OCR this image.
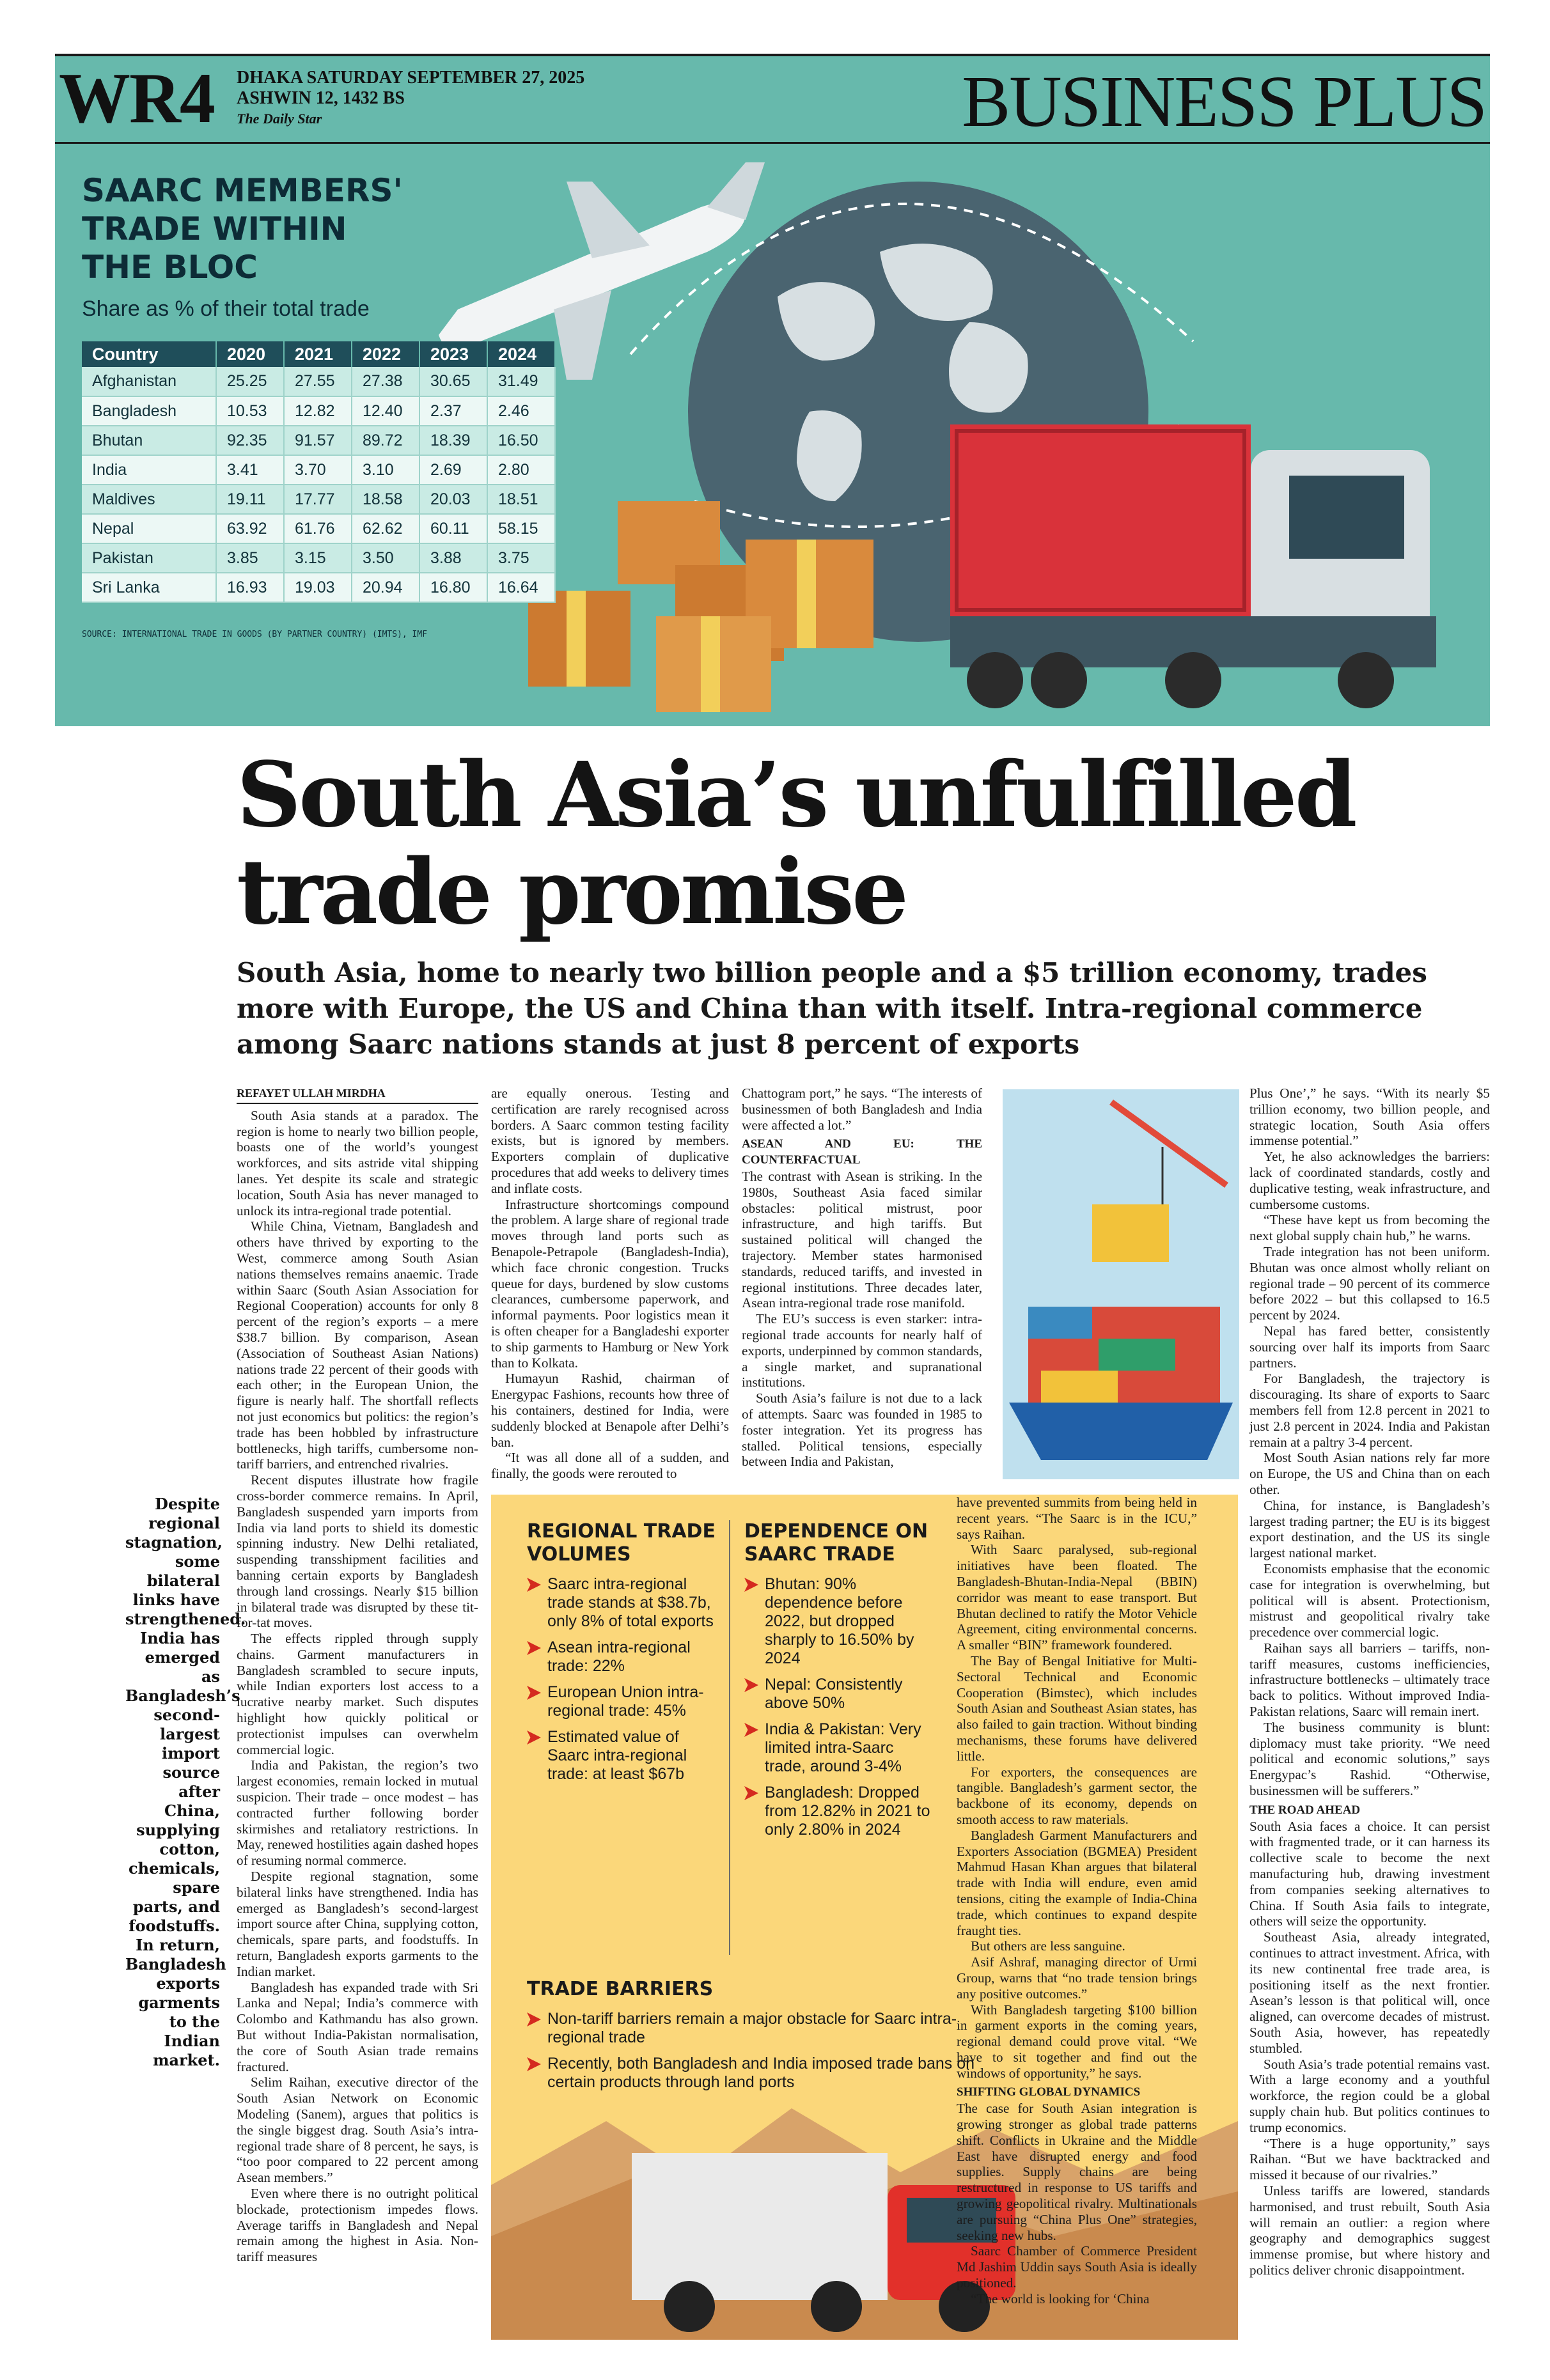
WR4 DHAKA SATURDAY SEPTEMBER 27, 2025
ASHWIN 12, 1432 BS
The Daily Star	BUSINESS PLUS
SAARC MEMBERS' TRADE WITHIN THE BLOC
Share as % of their total trade
Country	2020	2021	2022	2023	2024
Afghanistan	25.25	27.55	27.38	30.65	31.49
Bangladesh	10.53	12.82	12.40	2.37	2.46
Bhutan	92.35	91.57	89.72	18.39	16.50
India	3.41	3.70	3.10	2.69	2.80
Maldives	19.11	17.77	18.58	20.03	18.51
Nepal	63.92	61.76	62.62	60.11	58.15
Pakistan	3.85	3.15	3.50	3.88	3.75
Sri Lanka	16.93	19.03	20.94	16.80	16.64
SOURCE: INTERNATIONAL TRADE IN GOODS (BY PARTNER COUNTRY) (IMTS), IMF
South Asia’s unfulfilled trade promise
South Asia, home to nearly two billion people and a $5 trillion economy, trades more with Europe, the US and China than with itself. Intra-regional commerce among Saarc nations stands at just 8 percent of exports
REFAYET ULLAH MIRDHA

South Asia stands at a paradox. The region is home to nearly two billion people, boasts one of the world’s youngest workforces, and sits astride vital shipping lanes. Yet despite its scale and strategic location, South Asia has never managed to unlock its intra-regional trade potential.

While China, Vietnam, Bangladesh and others have thrived by exporting to the West, commerce among South Asian nations themselves remains anaemic. Trade within Saarc (South Asian Association for Regional Cooperation) accounts for only 8 percent of the region’s exports – a mere $38.7 billion. By comparison, Asean (Association of Southeast Asian Nations) nations trade 22 percent of their goods with each other; in the European Union, the figure is nearly half. The shortfall reflects not just economics but politics: the region’s trade has been hobbled by infrastructure bottlenecks, high tariffs, cumbersome non-tariff barriers, and entrenched rivalries.

Recent disputes illustrate how fragile cross-border commerce remains. In April, Bangladesh suspended yarn imports from India via land ports to shield its domestic spinning industry. New Delhi retaliated, suspending transshipment facilities and banning certain exports by Bangladesh through land crossings. Nearly $15 billion in bilateral trade was disrupted by these tit-for-tat moves.

The effects rippled through supply chains. Garment manufacturers in Bangladesh scrambled to secure inputs, while Indian exporters lost access to a lucrative nearby market. Such disputes highlight how quickly political or protectionist impulses can overwhelm commercial logic.

India and Pakistan, the region’s two largest economies, remain locked in mutual suspicion. Their trade – once modest – has contracted further following border skirmishes and retaliatory restrictions. In May, renewed hostilities again dashed hopes of resuming normal commerce.

Despite regional stagnation, some bilateral links have strengthened. India has emerged as Bangladesh’s second-largest import source after China, supplying cotton, chemicals, spare parts, and foodstuffs. In return, Bangladesh exports garments to the Indian market.

Bangladesh has expanded trade with Sri Lanka and Nepal; India’s commerce with Colombo and Kathmandu has also grown. But without India-Pakistan normalisation, the core of South Asian trade remains fractured.

Selim Raihan, executive director of the South Asian Network on Economic Modeling (Sanem), argues that politics is the single biggest drag. South Asia’s intra-regional trade share of 8 percent, he says, is “too poor compared to 22 percent among Asean members.”

Even where there is no outright political blockade, protectionism impedes flows. Average tariffs in Bangladesh and Nepal remain among the highest in Asia. Non-tariff measures

Despite regional stagnation, some bilateral links have strengthened. India has emerged as Bangladesh’s second-largest import source after China, supplying cotton, chemicals, spare parts, and foodstuffs. In return, Bangladesh exports garments to the Indian market.

are equally onerous. Testing and certification are rarely recognised across borders. A Saarc common testing facility exists, but is ignored by members. Exporters complain of duplicative procedures that add weeks to delivery times and inflate costs.

Infrastructure shortcomings compound the problem. A large share of regional trade moves through land ports such as Benapole-Petrapole (Bangladesh-India), which face chronic congestion. Trucks queue for days, burdened by slow customs clearances, cumbersome paperwork, and informal payments. Poor logistics mean it is often cheaper for a Bangladeshi exporter to ship garments to Hamburg or New York than to Kolkata.

Humayun Rashid, chairman of Energypac Fashions, recounts how three of his containers, destined for India, were suddenly blocked at Benapole after Delhi’s ban.

“It was all done all of a sudden, and finally, the goods were rerouted to

Chattogram port,” he says. “The interests of businessmen of both Bangladesh and India were affected a lot.”

ASEAN AND EU: THE COUNTERFACTUAL

The contrast with Asean is striking. In the 1980s, Southeast Asia faced similar obstacles: political mistrust, poor infrastructure, and high tariffs. But sustained political will changed the trajectory. Member states harmonised standards, reduced tariffs, and invested in regional institutions. Three decades later, Asean intra-regional trade rose manifold.

The EU’s success is even starker: intra-regional trade accounts for nearly half of exports, underpinned by common standards, a single market, and supranational institutions.

South Asia’s failure is not due to a lack of attempts. Saarc was founded in 1985 to foster integration. Yet its progress has stalled. Political tensions, especially between India and Pakistan,

REGIONAL TRADE VOLUMES
Saarc intra-regional trade stands at $38.7b, only 8% of total exports
Asean intra-regional trade: 22%
European Union intra-regional trade: 45%
Estimated value of Saarc intra-regional trade: at least $67b
DEPENDENCE ON SAARC TRADE
Bhutan: 90% dependence before 2022, but dropped sharply to 16.50% by 2024
Nepal: Consistently above 50%
India & Pakistan: Very limited intra-Saarc trade, around 3-4%
Bangladesh: Dropped from 12.82% in 2021 to only 2.80% in 2024
TRADE BARRIERS
Non-tariff barriers remain a major obstacle for Saarc intra-regional trade
Recently, both Bangladesh and India imposed trade bans on certain products through land ports

have prevented summits from being held in recent years. “The Saarc is in the ICU,” says Raihan.

With Saarc paralysed, sub-regional initiatives have been floated. The Bangladesh-Bhutan-India-Nepal (BBIN) corridor was meant to ease transport. But Bhutan declined to ratify the Motor Vehicle Agreement, citing environmental concerns. A smaller “BIN” framework foundered.

The Bay of Bengal Initiative for Multi-Sectoral Technical and Economic Cooperation (Bimstec), which includes South Asian and Southeast Asian states, has also failed to gain traction. Without binding mechanisms, these forums have delivered little.

For exporters, the consequences are tangible. Bangladesh’s garment sector, the backbone of its economy, depends on smooth access to raw materials.

Bangladesh Garment Manufacturers and Exporters Association (BGMEA) President Mahmud Hasan Khan argues that bilateral trade with India will endure, even amid tensions, citing the example of India-China trade, which continues to expand despite fraught ties.

But others are less sanguine.

Asif Ashraf, managing director of Urmi Group, warns that “no trade tension brings any positive outcomes.”

With Bangladesh targeting $100 billion in garment exports in the coming years, regional demand could prove vital. “We have to sit together and find out the windows of opportunity,” he says.

SHIFTING GLOBAL DYNAMICS

The case for South Asian integration is growing stronger as global trade patterns shift. Conflicts in Ukraine and the Middle East have disrupted energy and food supplies. Supply chains are being restructured in response to US tariffs and growing geopolitical rivalry. Multinationals are pursuing “China Plus One” strategies, seeking new hubs.

Saarc Chamber of Commerce President Md Jashim Uddin says South Asia is ideally positioned.

“The world is looking for ‘China

Plus One’,” he says. “With its nearly $5 trillion economy, two billion people, and strategic location, South Asia offers immense potential.”

Yet, he also acknowledges the barriers: lack of coordinated standards, costly and duplicative testing, weak infrastructure, and cumbersome customs.

“These have kept us from becoming the next global supply chain hub,” he warns.

Trade integration has not been uniform. Bhutan was once almost wholly reliant on regional trade – 90 percent of its commerce before 2022 – but this collapsed to 16.5 percent by 2024.

Nepal has fared better, consistently sourcing over half its imports from Saarc partners.

For Bangladesh, the trajectory is discouraging. Its share of exports to Saarc members fell from 12.8 percent in 2021 to just 2.8 percent in 2024. India and Pakistan remain at a paltry 3-4 percent.

Most South Asian nations rely far more on Europe, the US and China than on each other.

China, for instance, is Bangladesh’s largest trading partner; the EU is its biggest export destination, and the US its single largest national market.

Economists emphasise that the economic case for integration is overwhelming, but political will is absent. Protectionism, mistrust and geopolitical rivalry take precedence over commercial logic.

Raihan says all barriers – tariffs, non-tariff measures, customs inefficiencies, infrastructure bottlenecks – ultimately trace back to politics. Without improved India-Pakistan relations, Saarc will remain inert.

The business community is blunt: diplomacy must take priority. “We need political and economic solutions,” says Energypac’s Rashid. “Otherwise, businessmen will be sufferers.”

THE ROAD AHEAD

South Asia faces a choice. It can persist with fragmented trade, or it can harness its collective scale to become the next manufacturing hub, drawing investment from companies seeking alternatives to China. If South Asia fails to integrate, others will seize the opportunity.

Southeast Asia, already integrated, continues to attract investment. Africa, with its new continental free trade area, is positioning itself as the next frontier. Asean’s lesson is that political will, once aligned, can overcome decades of mistrust. South Asia, however, has repeatedly stumbled.

South Asia’s trade potential remains vast. With a large economy and a youthful workforce, the region could be a global supply chain hub. But politics continues to trump economics.

“There is a huge opportunity,” says Raihan. “But we have backtracked and missed it because of our rivalries.”

Unless tariffs are lowered, standards harmonised, and trust rebuilt, South Asia will remain an outlier: a region where geography and demographics suggest immense promise, but where history and politics deliver chronic disappointment.
